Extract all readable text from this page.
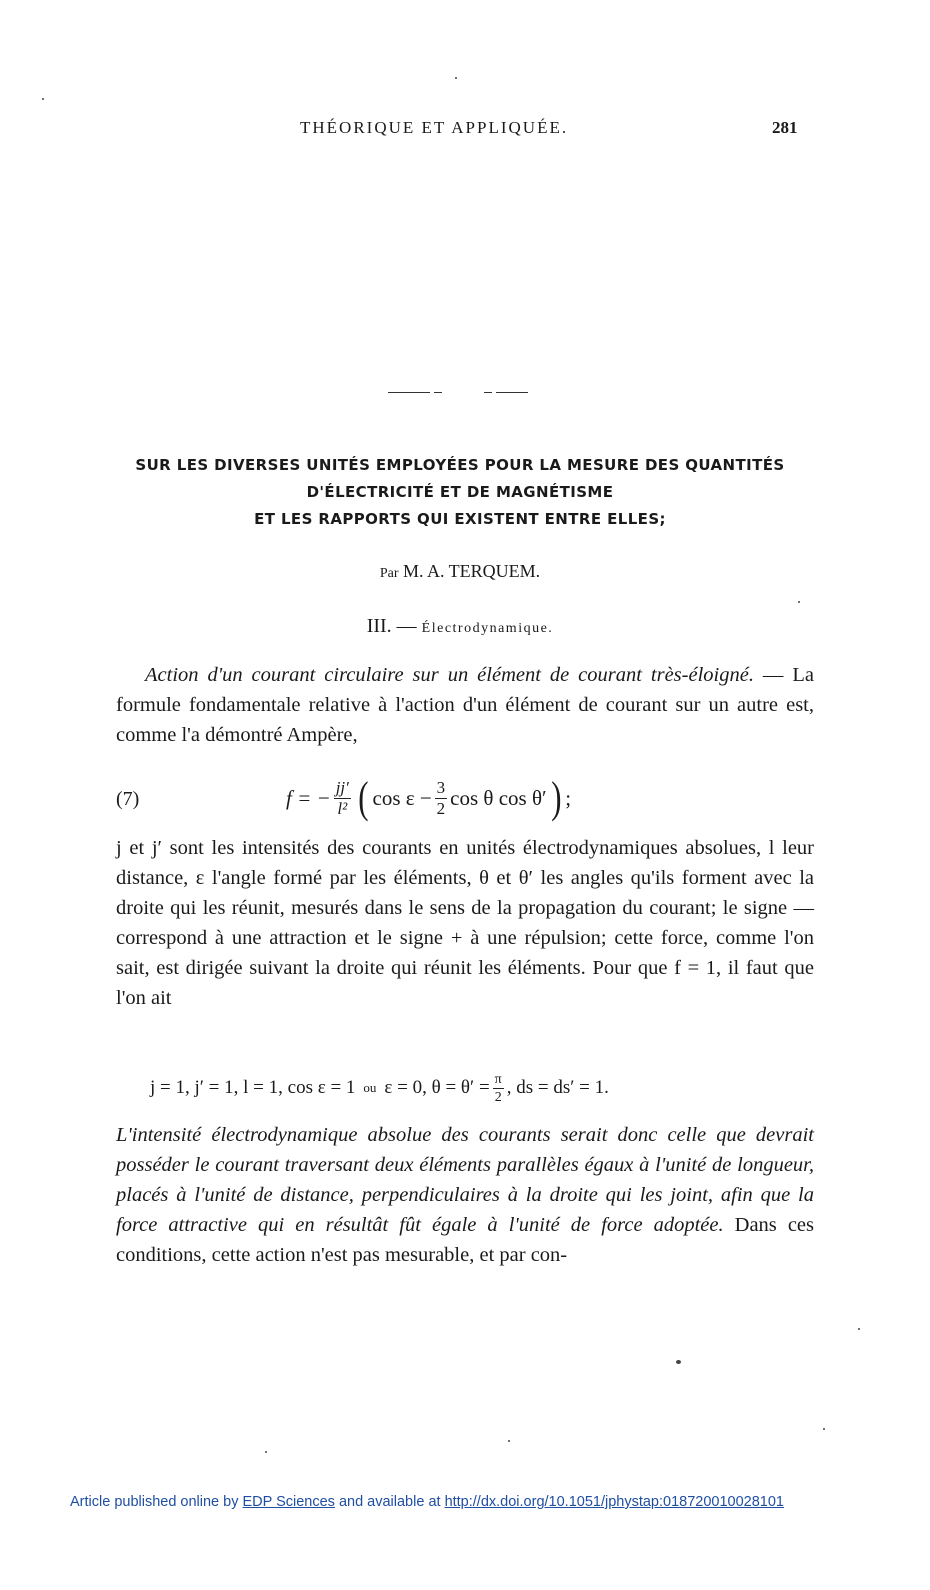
THÉORIQUE ET APPLIQUÉE.	281
SUR LES DIVERSES UNITÉS EMPLOYÉES POUR LA MESURE DES QUANTITÉS
D'ÉLECTRICITÉ ET DE MAGNÉTISME
ET LES RAPPORTS QUI EXISTENT ENTRE ELLES;
Par M. A. TERQUEM.
III. — Électrodynamique.
Action d'un courant circulaire sur un élément de courant très-éloigné. — La formule fondamentale relative à l'action d'un élément de courant sur un autre est, comme l'a démontré Ampère,
(7)	f = − $\frac{jj'}{\text{l²}}$ ( $\cos \varepsilon - \frac{3}{2}$ cos θ cos θ′ ) ;
j et j′ sont les intensités des courants en unités électrodynamiques absolues, l leur distance, ε l'angle formé par les éléments, θ et θ′ les angles qu'ils forment avec la droite qui les réunit, mesurés dans le sens de la propagation du courant; le signe — correspond à une attraction et le signe + à une répulsion; cette force, comme l'on sait, est dirigée suivant la droite qui réunit les éléments. Pour que f = 1, il faut que l'on ait
j = 1, j′ = 1, l = 1, cos ε = 1 ou ε = 0, $\theta = \theta' = \frac{\pi}{2}$ , ds = ds′ = 1.
L'intensité électrodynamique absolue des courants serait donc celle que devrait posséder le courant traversant deux éléments parallèles égaux à l'unité de longueur, placés à l'unité de distance, perpendiculaires à la droite qui les joint, afin que la force attractive qui en résultât fût égale à l'unité de force adoptée. Dans ces conditions, cette action n'est pas mesurable, et par con-
Article published online by EDP Sciences and available at http://dx.doi.org/10.1051/jphystap:018720010028101
